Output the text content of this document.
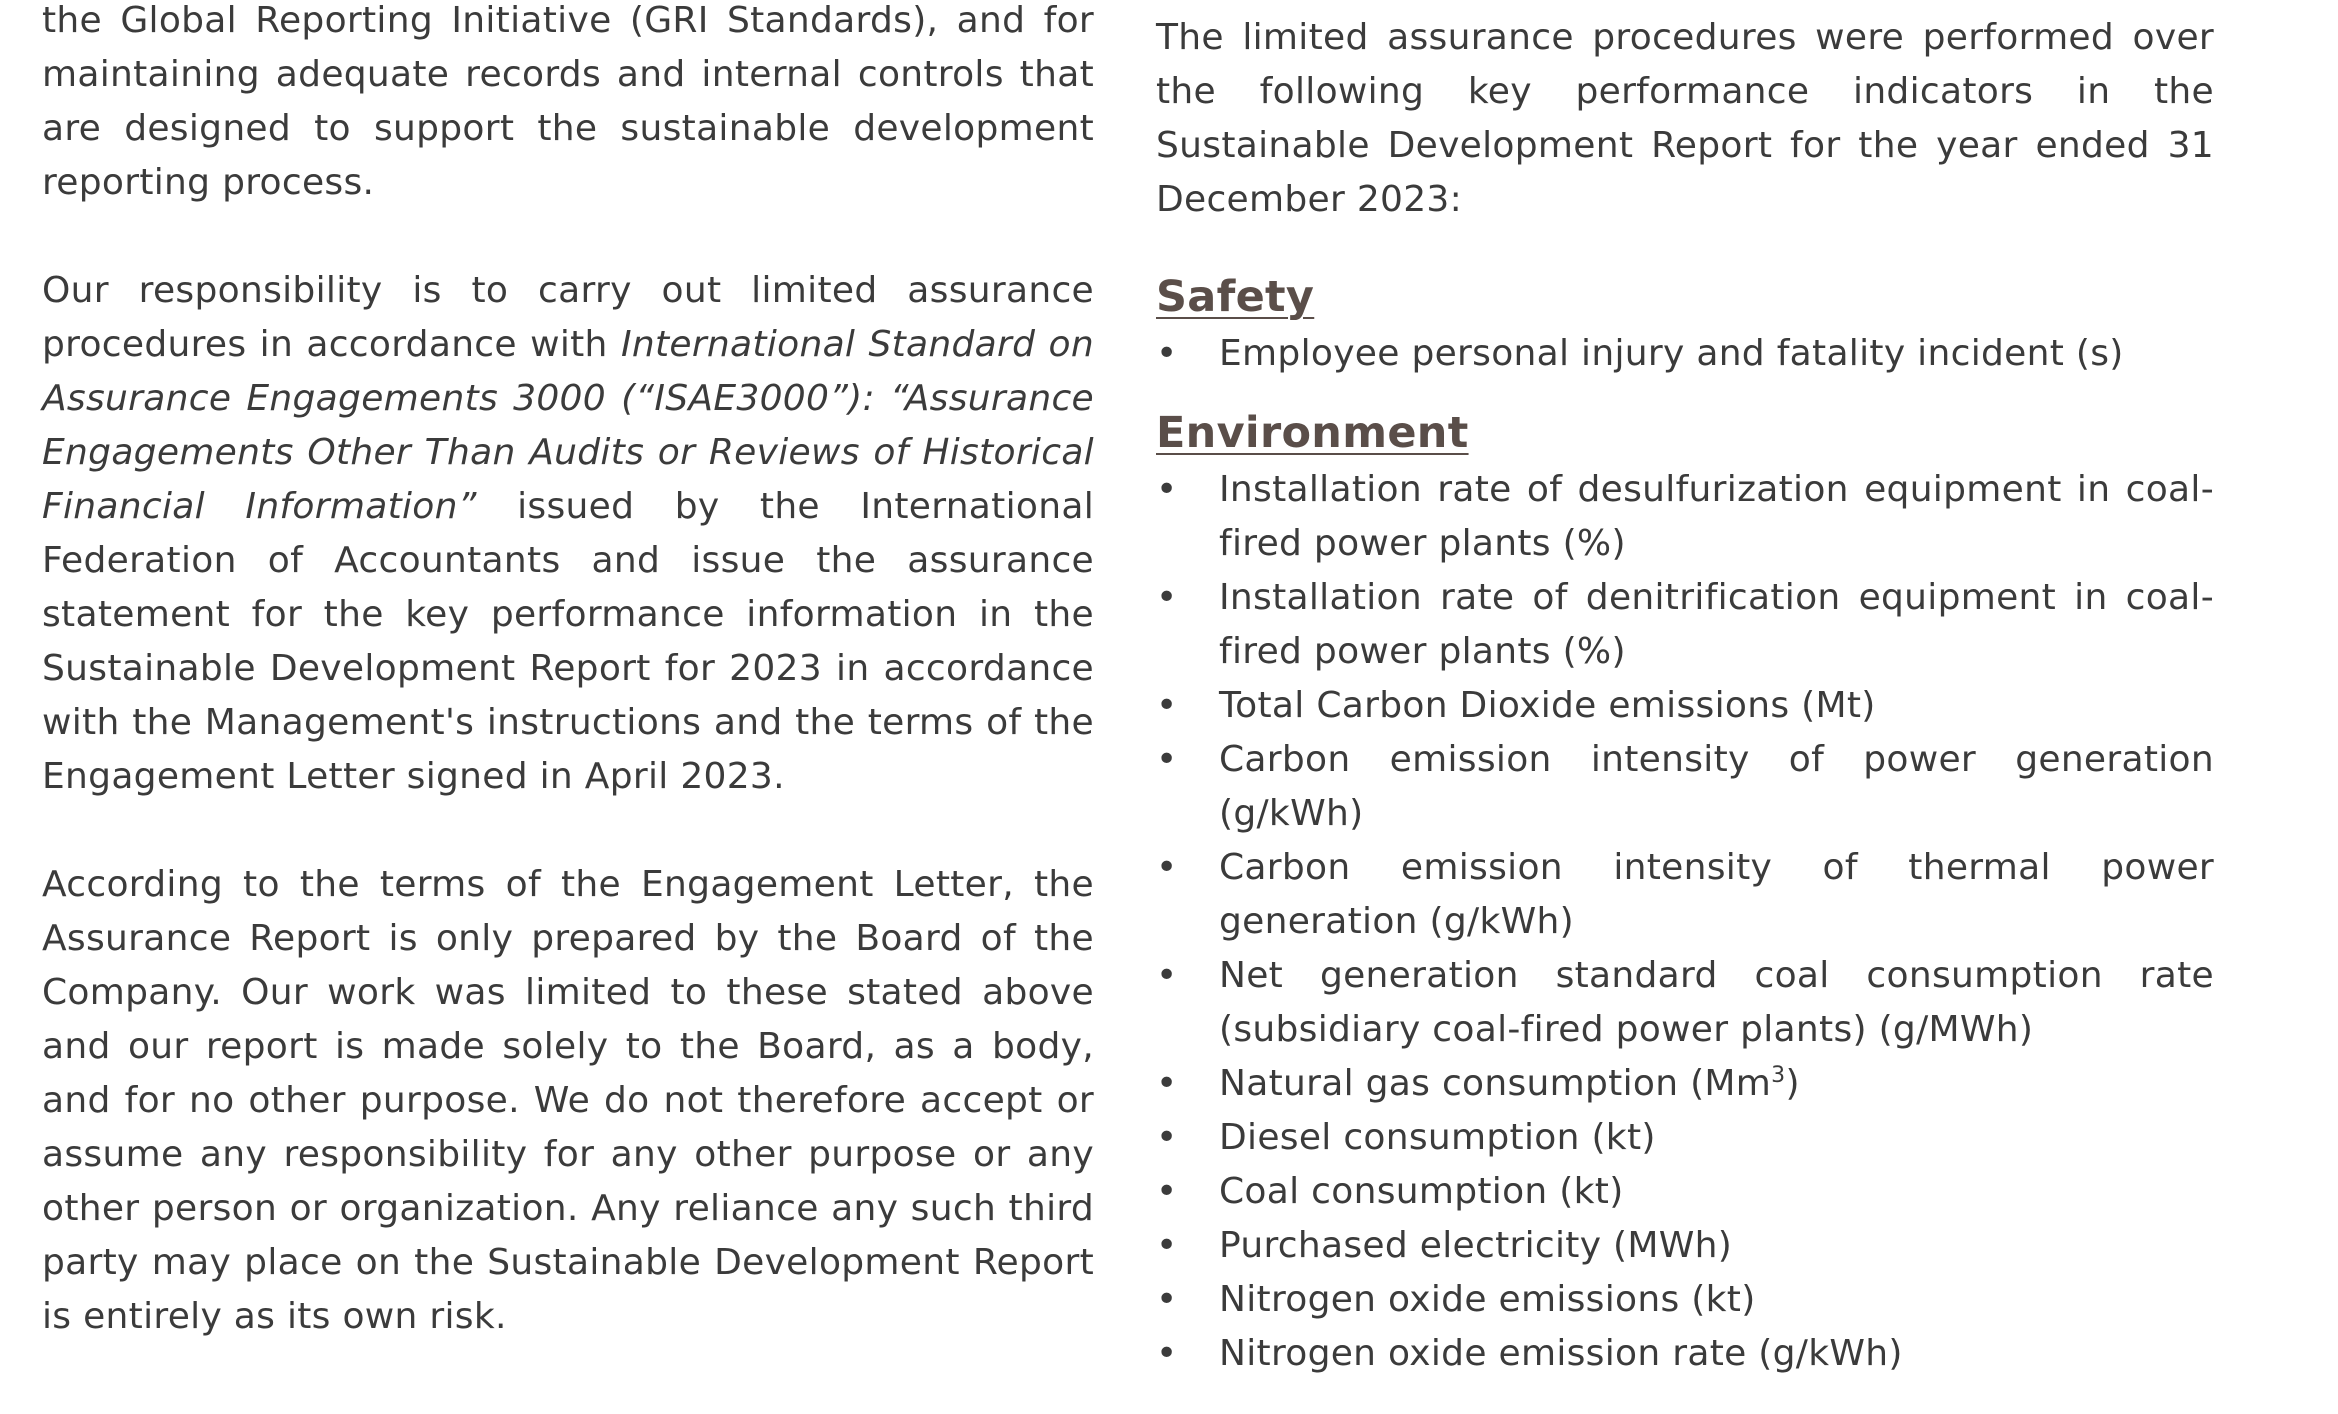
the Global Reporting Initiative (GRI Standards), and for maintaining adequate records and internal controls that are designed to support the sustainable development reporting process.

Our responsibility is to carry out limited assurance procedures in accordance with International Standard on Assurance Engagements 3000 (“ISAE3000”): “Assurance Engagements Other Than Audits or Reviews of Historical Financial Information” issued by the International Federation of Accountants and issue the assurance statement for the key performance information in the Sustainable Development Report for 2023 in accordance with the Management's instructions and the terms of the Engagement Letter signed in April 2023.

According to the terms of the Engagement Letter, the Assurance Report is only prepared by the Board of the Company. Our work was limited to these stated above and our report is made solely to the Board, as a body, and for no other purpose. We do not therefore accept or assume any responsibility for any other purpose or any other person or organization. Any reliance any such third party may place on the Sustainable Development Report is entirely as its own risk.

The limited assurance procedures were performed over the following key performance indicators in the Sustainable Development Report for the year ended 31 December 2023:

Safety
• Employee personal injury and fatality incident (s)
Environment
• Installation rate of desulfurization equipment in coal-fired power plants (%)
• Installation rate of denitrification equipment in coal-fired power plants (%)
• Total Carbon Dioxide emissions (Mt)
• Carbon emission intensity of power generation (g/kWh)
• Carbon emission intensity of thermal power generation (g/kWh)
• Net generation standard coal consumption rate (subsidiary coal-fired power plants) (g/MWh)
• Natural gas consumption (Mm$^3$)
• Diesel consumption (kt)
• Coal consumption (kt)
• Purchased electricity (MWh)
• Nitrogen oxide emissions (kt)
• Nitrogen oxide emission rate (g/kWh)
